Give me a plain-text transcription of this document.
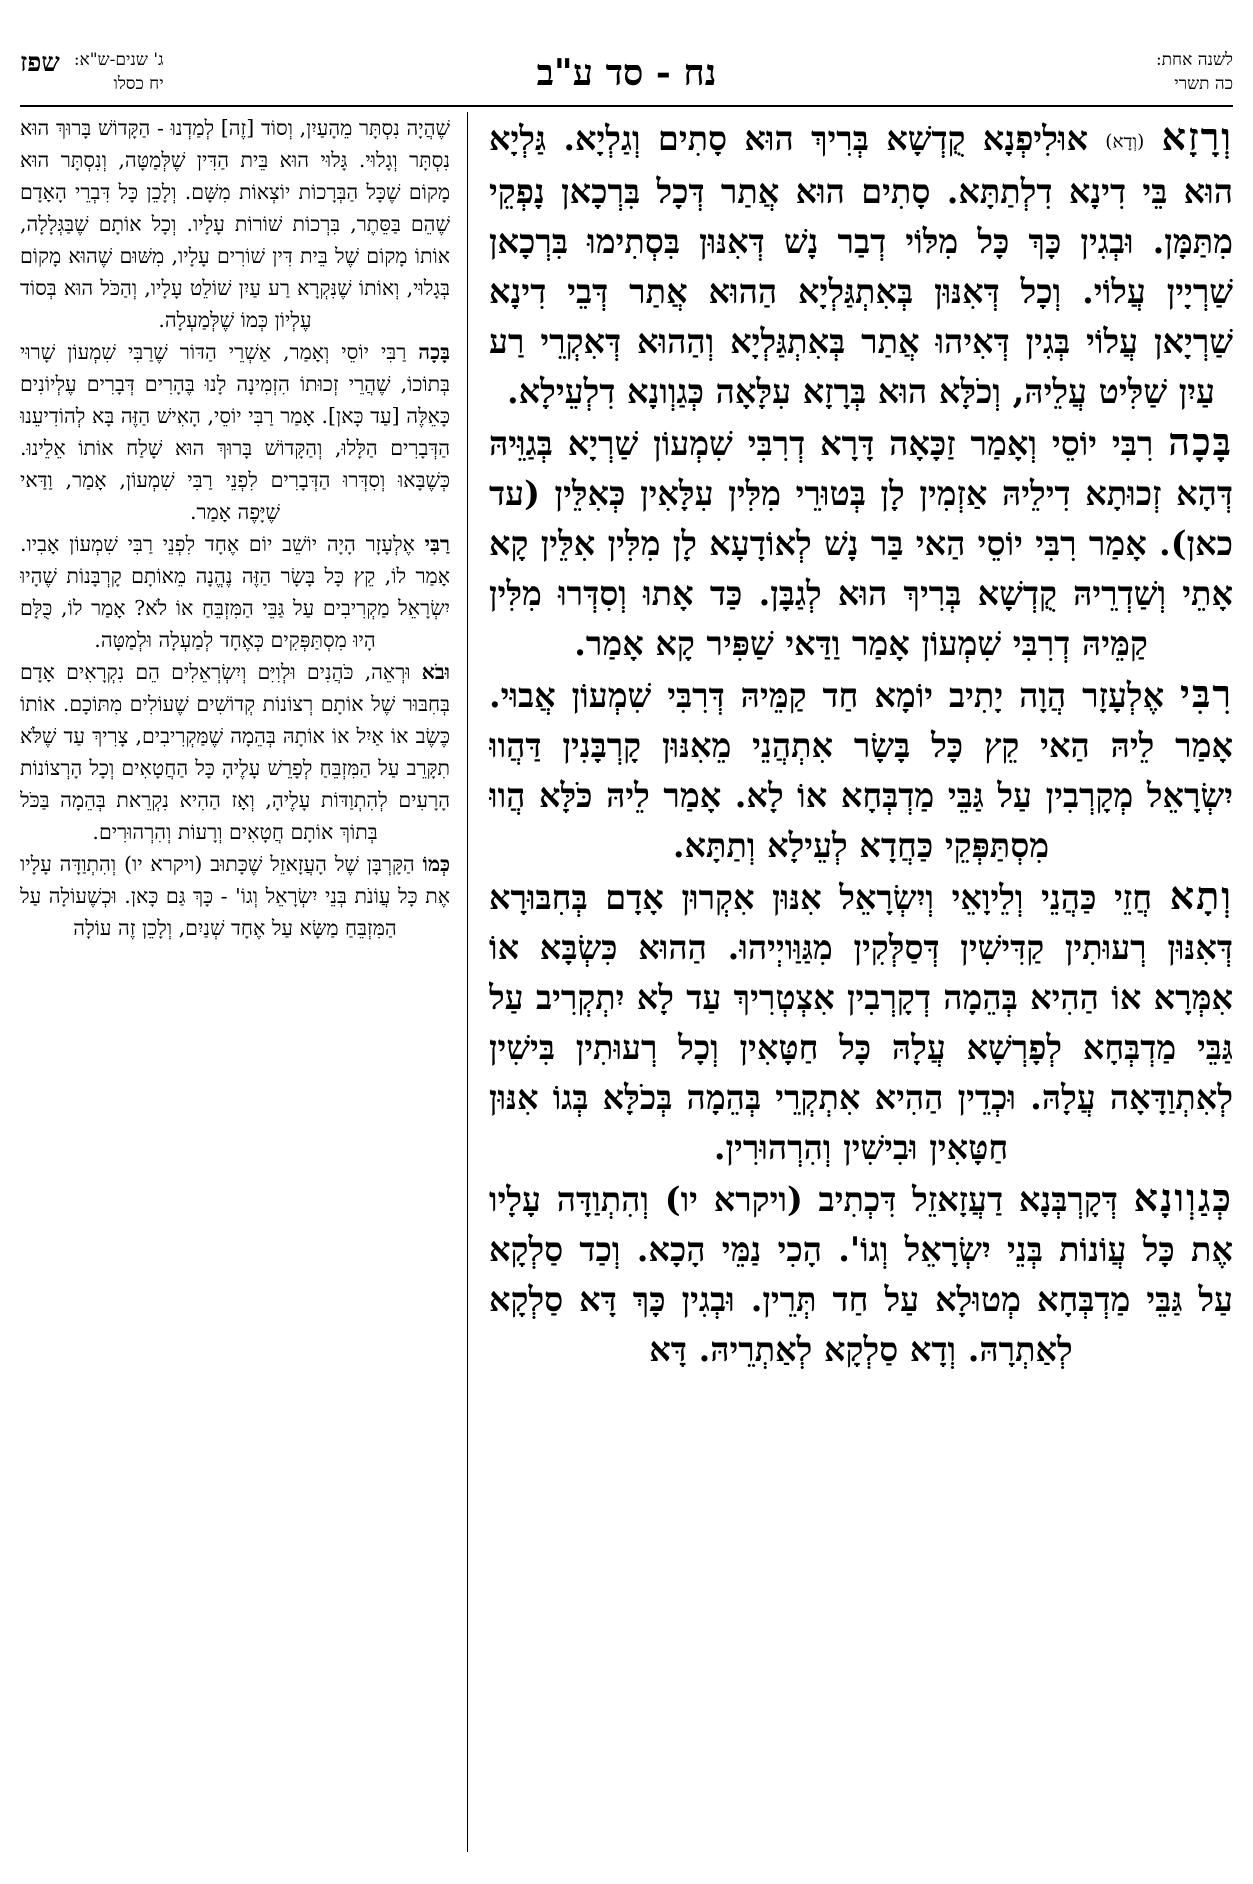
לשנה אחת:
כה תשרי
נח - סד ע"ב
ג' שנים-ש"א:
יח כסלו
שפז

וְרָזָא (וְדָא) אוּלִיפְנָא קֻדְשָׁא בְּרִיךְ הוּא סָתִים וְגַלְיָא. גַּלְיָא הוּא בֵּי דִינָא דִלְתַתָּא. סָתִים הוּא אֲתַר דְּכָל בִּרְכָאן נָפְקֵי מִתַּמָּן. וּבְגִין כָּךְ כָּל מִלּוֹי דְבַר נָשׁ דְּאִנּוּן בִּסְתִימוּ בִּרְכָאן שַׁרְיָין עֲלוֹי. וְכָל דְּאִנּוּן בְּאִתְגַּלְיָא הַהוּא אֲתַר דְּבֵי דִינָא שַׁרְיָאן עֲלוֹי בְּגִין דְּאִיהוּ אֲתַר בְּאִתְגַּלְיָא וְהַהוּא דְּאִקְרֵי רַע עַיִן שַׁלִּיט עֲלֵיהּ, וְכֹלָּא הוּא בְּרָזָא עִלָּאָה כְּגַוְונָא דִלְעֵילָא.

בָּכָה רִבִּי יוֹסֵי וְאָמַר זַכָּאָה דָּרָא דְרִבִּי שִׁמְעוֹן שַׁרְיָא בְּגַוֵּיהּ דְּהָא זְכוּתָא דִילֵיהּ אַזְמִין לָן בְּטוּרֵי מִלִּין עִלָּאִין כְּאִלֵּין (עד כאן). אָמַר רִבִּי יוֹסֵי הַאי בַּר נָשׁ לְאוֹדָעָא לָן מִלִּין אִלֵּין קָא אָתֵי וְשַׁדְרֵיהּ קֻדְשָׁא בְּרִיךְ הוּא לְגַבָּן. כַּד אָתוּ וְסִדְּרוּ מִלִּין קַמֵּיהּ דְרִבִּי שִׁמְעוֹן אָמַר וַדַּאי שַׁפִּיר קָא אָמַר.

רִבִּי אֶלְעָזָר הֲוָה יָתִיב יוֹמָא חַד קַמֵּיהּ דְּרִבִּי שִׁמְעוֹן אֲבוּי. אָמַר לֵיהּ הַאי קֵץ כָּל בָּשָׂר אִתְהֲנֵי מֵאִנּוּן קָרְבָּנִין דַּהֲווּ יִשְׂרָאֵל מְקָרְבִין עַל גַּבֵּי מַדְבְּחָא אוֹ לָא. אָמַר לֵיהּ כֹּלָּא הֲווּ מִסְתַּפְּקֵי כַּחֲדָא לְעֵילָא וְתַתָּא.

וְתָא חֲזֵי כַּהֲנֵי וְלֵיוָאֵי וְיִשְׂרָאֵל אִנּוּן אִקְרוּן אָדָם בְּחִבּוּרָא דְּאִנּוּן רְעוּתִין קַדִּישִׁין דְּסַלְּקִין מִגַּוַּויְיהוּ. הַהוּא כִּשְׂבָּא אוֹ אִמְּרָא אוֹ הַהִיא בְּהֵמָה דְקָרְבִין אִצְטְרִיךְ עַד לָא יִתְקְרִיב עַל גַּבֵּי מַדְבְּחָא לְפָרְשָׁא עֲלָהּ כָּל חַטָּאִין וְכָל רְעוּתִין בִּישִׁין לְאִתְוַדָּאָה עֲלָהּ. וּכְדֵין הַהִיא אִתְקְרֵי בְּהֵמָה בְּכֹלָּא בְּגוֹ אִנּוּן חַטָּאִין וּבִישִׁין וְהִרְהוּרִין.

כְּגַוְונָא דְּקָרְבְּנָא דַעֲזָאזֵל דִּכְתִיב (ויקרא יו) וְהִתְוַדָּה עָלָיו אֶת כָּל עֲוֹנוֹת בְּנֵי יִשְׂרָאֵל וְגוֹ'. הָכִי נַמֵּי הָכָא. וְכַד סַלְקָא עַל גַּבֵּי מַדְבְּחָא מְטוּלָא עַל חַד תְּרֵין. וּבְגִין כָּךְ דָּא סַלְקָא לְאַתְרָהּ. וְדָא סַלְקָא לְאַתְרֵיהּ. דָּא

שֶׁהֲיָה נִסְתָּר מֵהָעַיִן, וְסוֹד [זֶה] לְמַדְנוּ - הַקָּדוֹשׁ בָּרוּךְ הוּא נִסְתָּר וְגָלוּי. גָּלוּי הוּא בֵּית הַדִּין שֶׁלְּמַטָּה, וְנִסְתָּר הוּא מָקוֹם שֶׁכָּל הַבְּרָכוֹת יוֹצְאוֹת מִשָּׁם. וְלָכֵן כָּל דִּבְרֵי הָאָדָם שֶׁהֵם בַּסֵּתֶר, בִּרְכוֹת שׁוֹרוֹת עָלָיו. וְכָל אוֹתָם שֶׁבַּגְּלָלָה, אוֹתוֹ מָקוֹם שֶׁל בֵּית דִּין שׁוֹרִים עָלָיו, מִשּׁוּם שֶׁהוּא מָקוֹם בְּגָלוּי, וְאוֹתוֹ שֶׁנִּקְרָא רַע עַיִן שׁוֹלֵט עָלָיו, וְהַכֹּל הוּא בְּסוֹד עֶלְיוֹן כְּמוֹ שֶׁלְּמַעְלָה.

בָּכָה רַבִּי יוֹסֵי וְאָמַר, אַשְׁרֵי הַדּוֹר שֶׁרַבִּי שִׁמְעוֹן שָׁרוּי בְּתוֹכוֹ, שֶׁהֲרֵי זְכוּתוֹ הִזְמִינָה לָנוּ בֶּהָרִים דְּבָרִים עֶלְיוֹנִים כָּאֵלֶּה [עַד כָּאן]. אָמַר רַבִּי יוֹסֵי, הָאִישׁ הַזֶּה בָּא לְהוֹדִיעֵנוּ הַדְּבָרִים הַלָּלוּ, וְהַקָּדוֹשׁ בָּרוּךְ הוּא שָׁלַח אוֹתוֹ אֵלֵינוּ. כְּשֶׁבָּאוּ וְסִדְּרוּ הַדְּבָרִים לִפְנֵי רַבִּי שִׁמְעוֹן, אָמַר, וַדַּאי שֶׁיָּפֶה אָמַר.

רַבִּי אֶלְעָזָר הָיָה יוֹשֵׁב יוֹם אֶחָד לִפְנֵי רַבִּי שִׁמְעוֹן אָבִיו. אָמַר לוֹ, קֵץ כָּל בָּשָׂר הַזֶּה נֶהֱנָה מֵאוֹתָם קָרְבָּנוֹת שֶׁהָיוּ יִשְׂרָאֵל מַקְרִיבִים עַל גַּבֵּי הַמִּזְבֵּחַ אוֹ לֹא? אָמַר לוֹ, כֻּלָּם הָיוּ מִסְתַּפְּקִים כְּאֶחָד לְמַעְלָה וּלְמַטָּה.

וּבֹא וּרְאֵה, כֹּהֲנִים וּלְוִיִּם וְיִשְׂרְאֵלִים הֵם נִקְרָאִים אָדָם בְּחִבּוּר שֶׁל אוֹתָם רְצוֹנוֹת קְדוֹשִׁים שֶׁעוֹלִים מִתּוֹכָם. אוֹתוֹ כֶּשֶׂב אוֹ אַיִל אוֹ אוֹתָהּ בְּהֵמָה שֶׁמַּקְרִיבִים, צָרִיךְ עַד שֶׁלֹּא תִקָּרֵב עַל הַמִּזְבֵּחַ לְפָרֵשׁ עָלֶיהָ כָּל הַחֲטָאִים וְכָל הָרְצוֹנוֹת הָרָעִים לְהִתְוַדּוֹת עָלֶיהָ, וְאָז הַהִיא נִקְרֵאת בְּהֵמָה בַּכֹּל בְּתוֹךְ אוֹתָם חֲטָאִים וְרָעוֹת וְהִרְהוּרִים.

כְּמוֹ הַקָּרְבָּן שֶׁל הָעֲזָאזֵל שֶׁכָּתוּב (ויקרא יו) וְהִתְוַדָּה עָלָיו אֶת כָּל עֲוֹנֹת בְּנֵי יִשְׂרָאֵל וְגוֹ' - כָּךְ גַּם כָּאן. וּכְשֶׁעוֹלָה עַל הַמִּזְבֵּחַ מַשָּׂא עַל אֶחָד שְׁנַיִם, וְלָכֵן זֶה עוֹלָה
